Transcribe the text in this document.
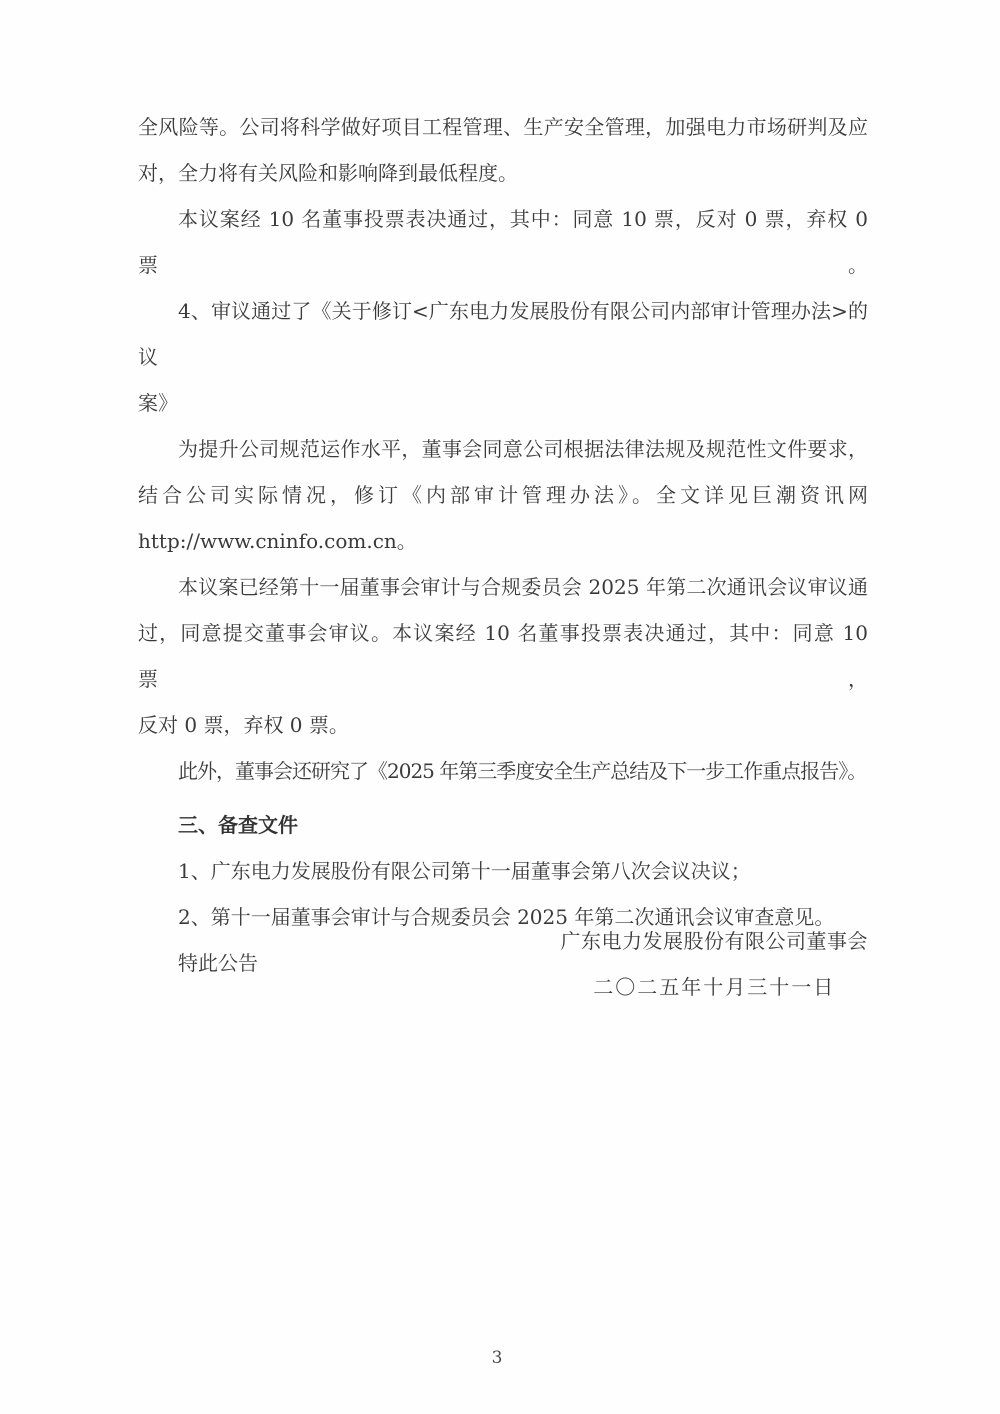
全风险等。公司将科学做好项目工程管理、生产安全管理，加强电力市场研判及应
对，全力将有关风险和影响降到最低程度。
本议案经 10 名董事投票表决通过，其中：同意 10 票，反对 0 票，弃权 0 票。
4、审议通过了《关于修订<广东电力发展股份有限公司内部审计管理办法>的议
案》
为提升公司规范运作水平，董事会同意公司根据法律法规及规范性文件要求，
结合公司实际情况，修订《内部审计管理办法》。全文详见巨潮资讯网
http://www.cninfo.com.cn。
本议案已经第十一届董事会审计与合规委员会 2025 年第二次通讯会议审议通
过，同意提交董事会审议。本议案经 10 名董事投票表决通过，其中：同意 10 票，
反对 0 票，弃权 0 票。
此外，董事会还研究了《2025 年第三季度安全生产总结及下一步工作重点报告》。
三、备查文件
1、广东电力发展股份有限公司第十一届董事会第八次会议决议；
2、第十一届董事会审计与合规委员会 2025 年第二次通讯会议审查意见。
特此公告
广东电力发展股份有限公司董事会
二〇二五年十月三十一日
3
